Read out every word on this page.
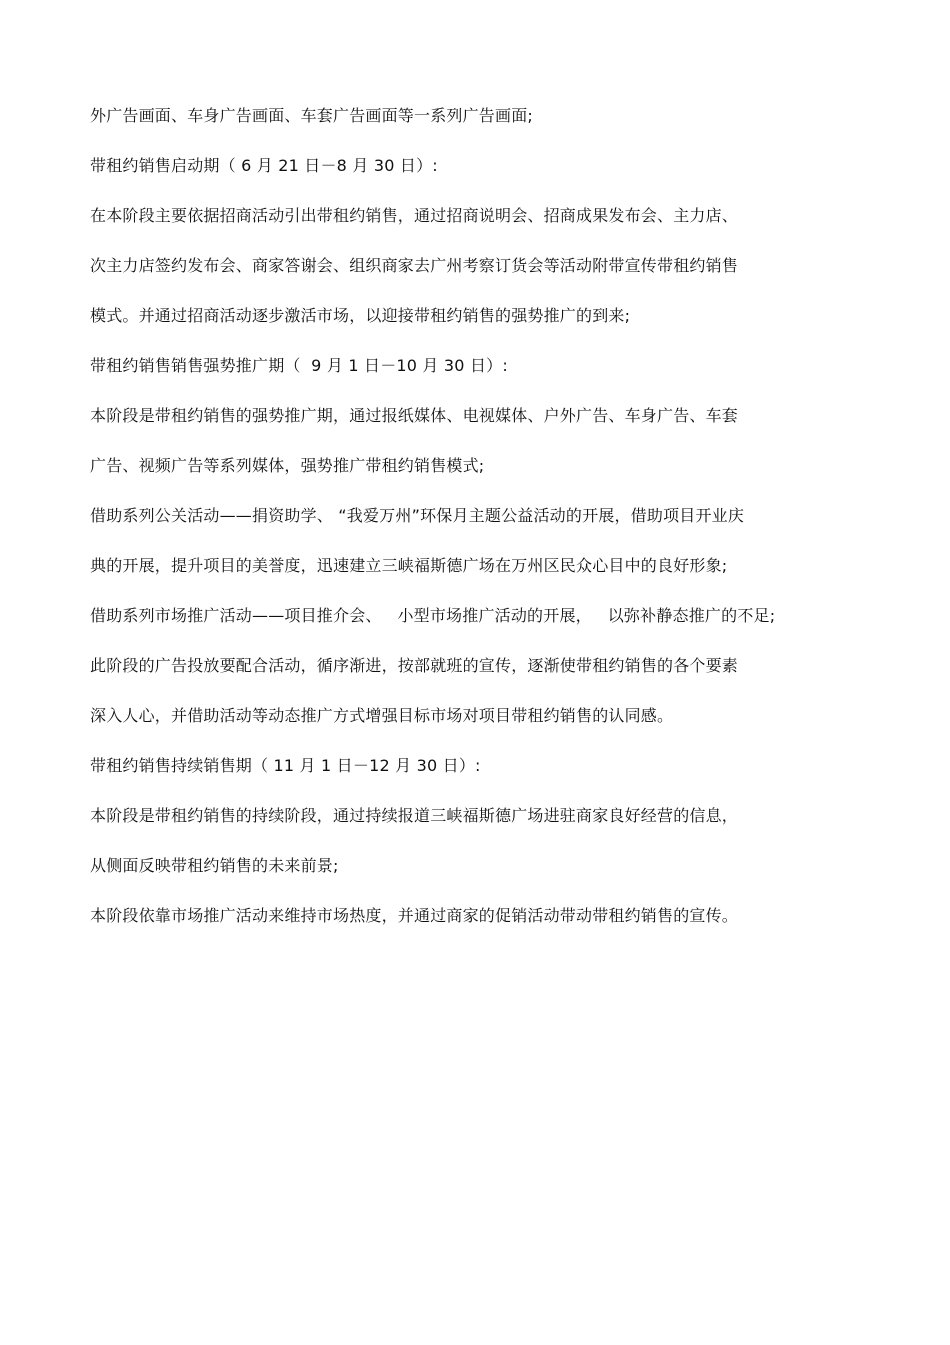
外广告画面、车身广告画面、车套广告画面等一系列广告画面;
带租约销售启动期（ 6 月 21 日－8 月 30 日）:
在本阶段主要依据招商活动引出带租约销售，通过招商说明会、招商成果发布会、主力店、
次主力店签约发布会、商家答谢会、组织商家去广州考察订货会等活动附带宣传带租约销售
模式。并通过招商活动逐步激活市场，以迎接带租约销售的强势推广的到来;
带租约销售销售强势推广期（  9 月 1 日－10 月 30 日）:
本阶段是带租约销售的强势推广期，通过报纸媒体、电视媒体、户外广告、车身广告、车套
广告、视频广告等系列媒体，强势推广带租约销售模式;
借助系列公关活动——捐资助学、 “我爱万州”环保月主题公益活动的开展，借助项目开业庆
典的开展，提升项目的美誉度，迅速建立三峡福斯德广场在万州区民众心目中的良好形象;
借助系列市场推广活动——项目推介会、   小型市场推广活动的开展，   以弥补静态推广的不足;
此阶段的广告投放要配合活动，循序渐进，按部就班的宣传，逐渐使带租约销售的各个要素
深入人心，并借助活动等动态推广方式增强目标市场对项目带租约销售的认同感。
带租约销售持续销售期（ 11 月 1 日－12 月 30 日）:
本阶段是带租约销售的持续阶段，通过持续报道三峡福斯德广场进驻商家良好经营的信息，
从侧面反映带租约销售的未来前景;
本阶段依靠市场推广活动来维持市场热度，并通过商家的促销活动带动带租约销售的宣传。
